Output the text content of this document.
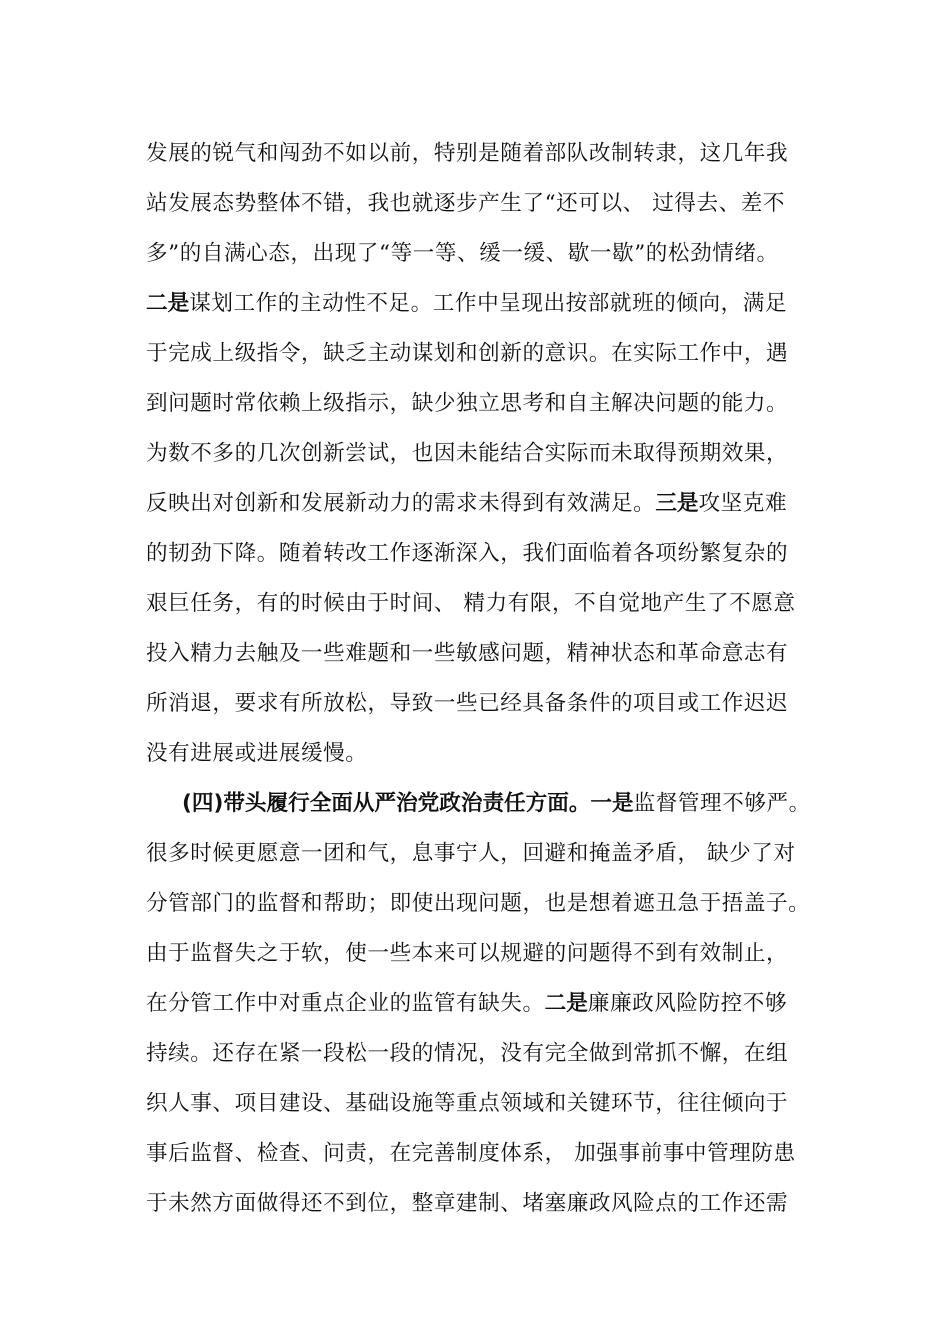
发展的锐气和闯劲不如以前，特别是随着部队改制转隶，这几年我
站发展态势整体不错，我也就逐步产生了“还可以、 过得去、差不
多”的自满心态，出现了“等一等、缓一缓、歇一歇”的松劲情绪。
二是谋划工作的主动性不足。工作中呈现出按部就班的倾向，满足
于完成上级指令，缺乏主动谋划和创新的意识。在实际工作中，遇
到问题时常依赖上级指示，缺少独立思考和自主解决问题的能力。
为数不多的几次创新尝试，也因未能结合实际而未取得预期效果，
反映出对创新和发展新动力的需求未得到有效满足。三是攻坚克难
的韧劲下降。随着转改工作逐渐深入，我们面临着各项纷繁复杂的
艰巨任务，有的时候由于时间、 精力有限，不自觉地产生了不愿意
投入精力去触及一些难题和一些敏感问题，精神状态和革命意志有
所消退，要求有所放松，导致一些已经具备条件的项目或工作迟迟
没有进展或进展缓慢。
(四)带头履行全面从严治党政治责任方面。一是监督管理不够严。
很多时候更愿意一团和气，息事宁人，回避和掩盖矛盾， 缺少了对
分管部门的监督和帮助；即使出现问题，也是想着遮丑急于捂盖子。
由于监督失之于软，使一些本来可以规避的问题得不到有效制止，
在分管工作中对重点企业的监管有缺失。二是廉廉政风险防控不够
持续。还存在紧一段松一段的情况，没有完全做到常抓不懈，在组
织人事、项目建设、基础设施等重点领域和关键环节，往往倾向于
事后监督、检查、问责，在完善制度体系， 加强事前事中管理防患
于未然方面做得还不到位，整章建制、堵塞廉政风险点的工作还需
